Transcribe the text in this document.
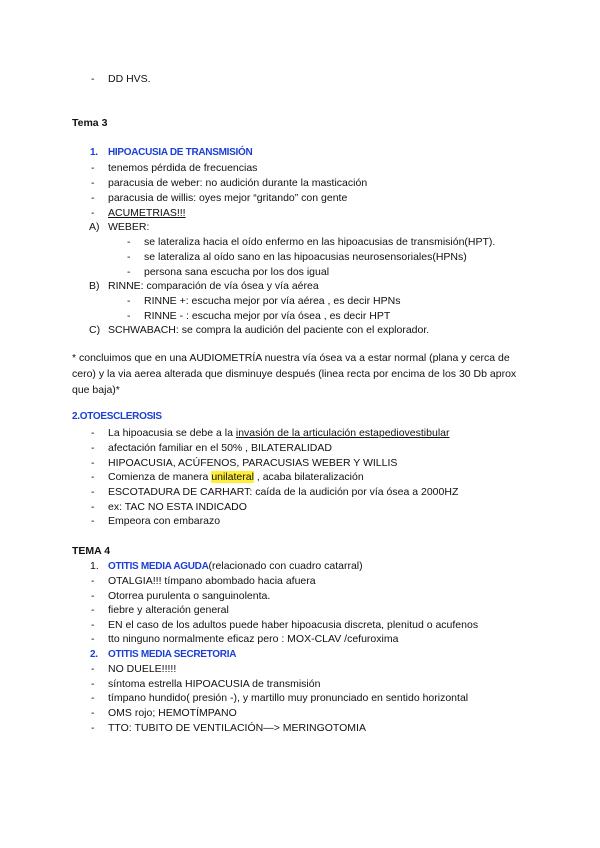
- DD HVS.
Tema 3
1. HIPOACUSIA DE TRANSMISIÓN
- tenemos pérdida de frecuencias
- paracusia de weber: no audición durante la masticación
- paracusia de willis: oyes mejor “gritando” con gente
- ACUMETRIAS!!!
A) WEBER:
- se lateraliza hacia el oído enfermo en las hipoacusias de transmisión(HPT).
- se lateraliza al oído sano en las hipoacusias neurosensoriales(HPNs)
- persona sana escucha por los dos igual
B) RINNE: comparación de vía ósea y vía aérea
- RINNE +: escucha mejor por vía aérea , es decir HPNs
- RINNE - : escucha mejor por vía ósea , es decir HPT
C) SCHWABACH: se compra la audición del paciente con el explorador.
* concluimos que en una AUDIOMETRÍA nuestra vía ósea va a estar normal (plana y cerca de cero) y la via aerea alterada que disminuye después (linea recta por encima de los 30 Db aprox que baja)*
2.OTOESCLEROSIS
- La hipoacusia se debe a la invasión de la articulación estapediovestibular
- afectación familiar en el 50% , BILATERALIDAD
- HIPOACUSIA, ACÚFENOS, PARACUSIAS WEBER Y WILLIS
- Comienza de manera unilateral , acaba bilateralización
- ESCOTADURA DE CARHART: caída de la audición por vía ósea a 2000HZ
- ex: TAC NO ESTA INDICADO
- Empeora con embarazo
TEMA 4
1. OTITIS MEDIA AGUDA(relacionado con cuadro catarral)
- OTALGIA!!! tímpano abombado hacia afuera
- Otorrea purulenta o sanguinolenta.
- fiebre y alteración general
- EN el caso de los adultos puede haber hipoacusia discreta, plenitud o acufenos
- tto ninguno normalmente eficaz pero : MOX-CLAV /cefuroxima
2. OTITIS MEDIA SECRETORIA
- NO DUELE!!!!!
- síntoma estrella HIPOACUSIA de transmisión
- tímpano hundido( presión -), y martillo muy pronunciado en sentido horizontal
- OMS rojo; HEMOTÍMPANO
- TTO: TUBITO DE VENTILACIÓN—> MERINGOTOMIA
